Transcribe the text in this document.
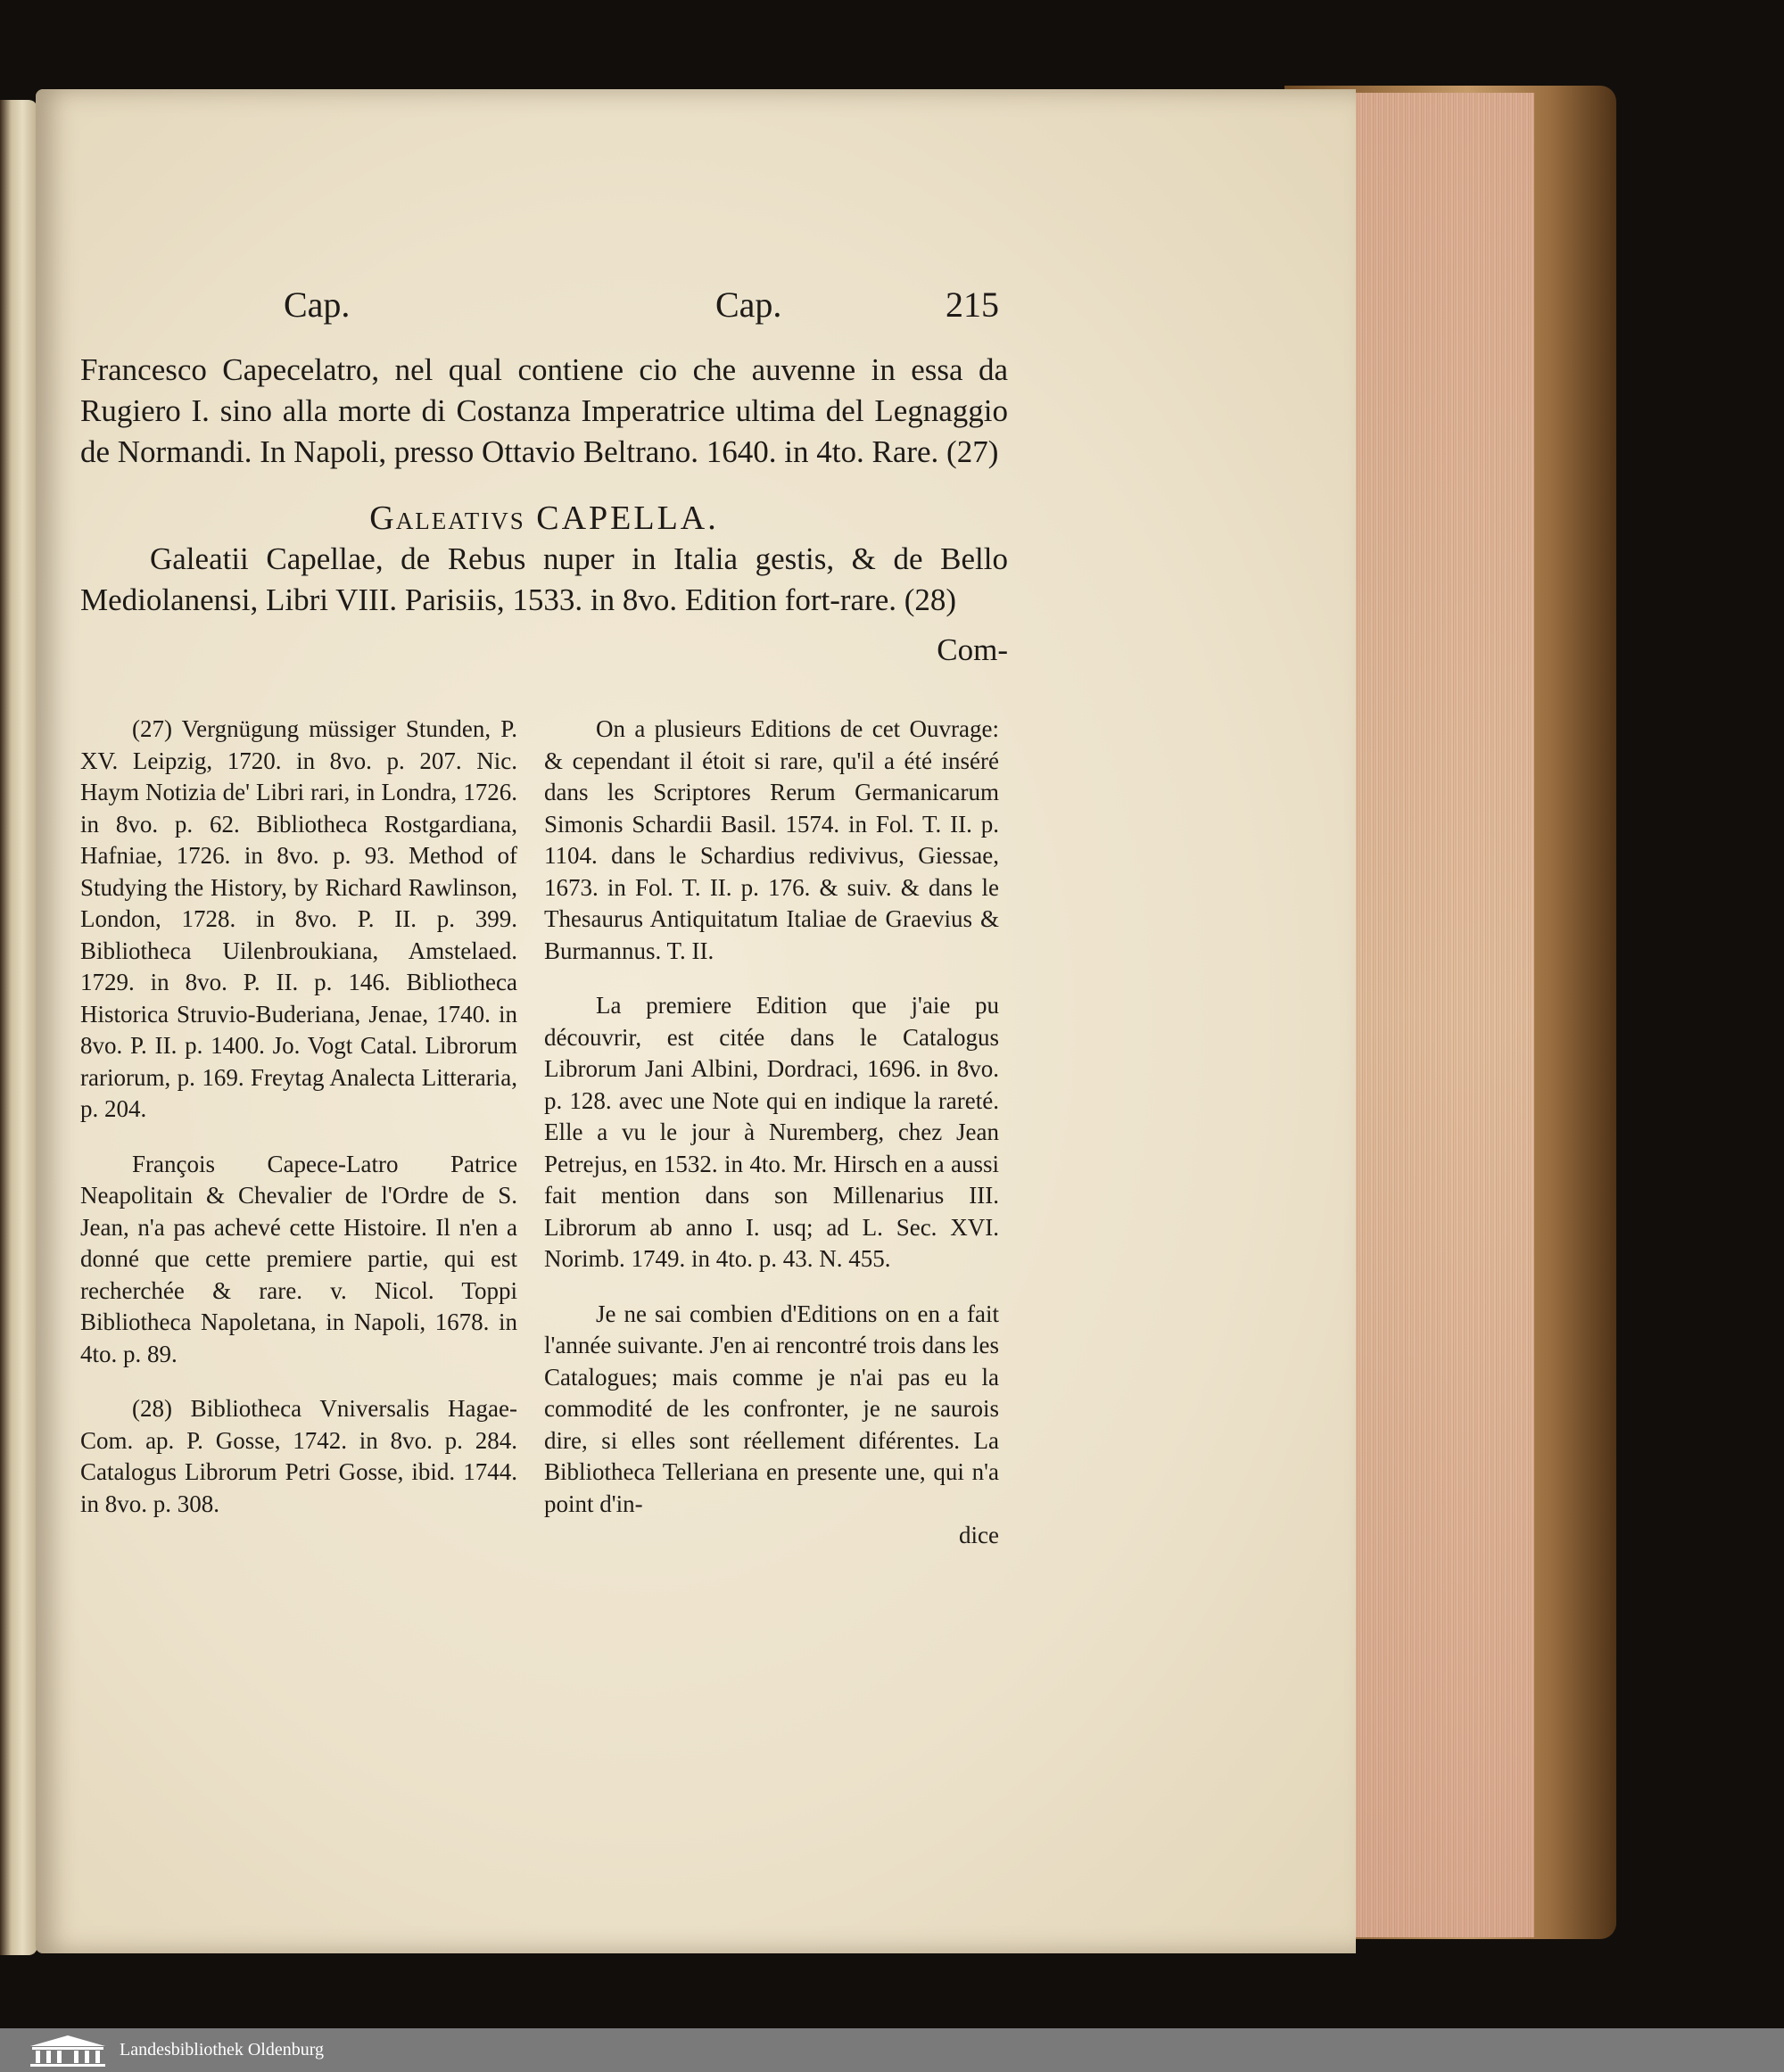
Cap.	Cap.	215

Francesco Capecelatro, nel qual contiene cio che auvenne in essa da Rugiero I. sino alla morte di Costanza Imperatrice ultima del Legnaggio de Normandi. In Napoli, presso Ottavio Beltrano. 1640. in 4to. Rare. (27)

Galeativs CAPELLA.

Galeatii Capellae, de Rebus nuper in Italia gestis, & de Bello Mediolanensi, Libri VIII. Parisiis, 1533. in 8vo. Edition fort-rare. (28)

Com-

(27) Vergnügung müssiger Stunden, P. XV. Leipzig, 1720. in 8vo. p. 207. Nic. Haym Notizia de' Libri rari, in Londra, 1726. in 8vo. p. 62. Bibliotheca Rostgardiana, Hafniae, 1726. in 8vo. p. 93. Method of Studying the History, by Richard Rawlinson, London, 1728. in 8vo. P. II. p. 399. Bibliotheca Uilenbroukiana, Amstelaed. 1729. in 8vo. P. II. p. 146. Bibliotheca Historica Struvio-Buderiana, Jenae, 1740. in 8vo. P. II. p. 1400. Jo. Vogt Catal. Librorum rariorum, p. 169. Freytag Analecta Litteraria, p. 204.

François Capece-Latro Patrice Neapolitain & Chevalier de l'Ordre de S. Jean, n'a pas achevé cette Histoire. Il n'en a donné que cette premiere partie, qui est recherchée & rare. v. Nicol. Toppi Bibliotheca Napoletana, in Napoli, 1678. in 4to. p. 89.

(28) Bibliotheca Vniversalis Hagae-Com. ap. P. Gosse, 1742. in 8vo. p. 284. Catalogus Librorum Petri Gosse, ibid. 1744. in 8vo. p. 308.

On a plusieurs Editions de cet Ouvrage: & cependant il étoit si rare, qu'il a été inséré dans les Scriptores Rerum Germanicarum Simonis Schardii Basil. 1574. in Fol. T. II. p. 1104. dans le Schardius redivivus, Giessae, 1673. in Fol. T. II. p. 176. & suiv. & dans le Thesaurus Antiquitatum Italiae de Graevius & Burmannus. T. II.

La premiere Edition que j'aie pu découvrir, est citée dans le Catalogus Librorum Jani Albini, Dordraci, 1696. in 8vo. p. 128. avec une Note qui en indique la rareté. Elle a vu le jour à Nuremberg, chez Jean Petrejus, en 1532. in 4to. Mr. Hirsch en a aussi fait mention dans son Millenarius III. Librorum ab anno I. usq; ad L. Sec. XVI. Norimb. 1749. in 4to. p. 43. N. 455.

Je ne sai combien d'Editions on en a fait l'année suivante. J'en ai rencontré trois dans les Catalogues; mais comme je n'ai pas eu la commodité de les confronter, je ne saurois dire, si elles sont réellement diférentes. La Bibliotheca Telleriana en presente une, qui n'a point d'in-

dice

Landesbibliothek Oldenburg
